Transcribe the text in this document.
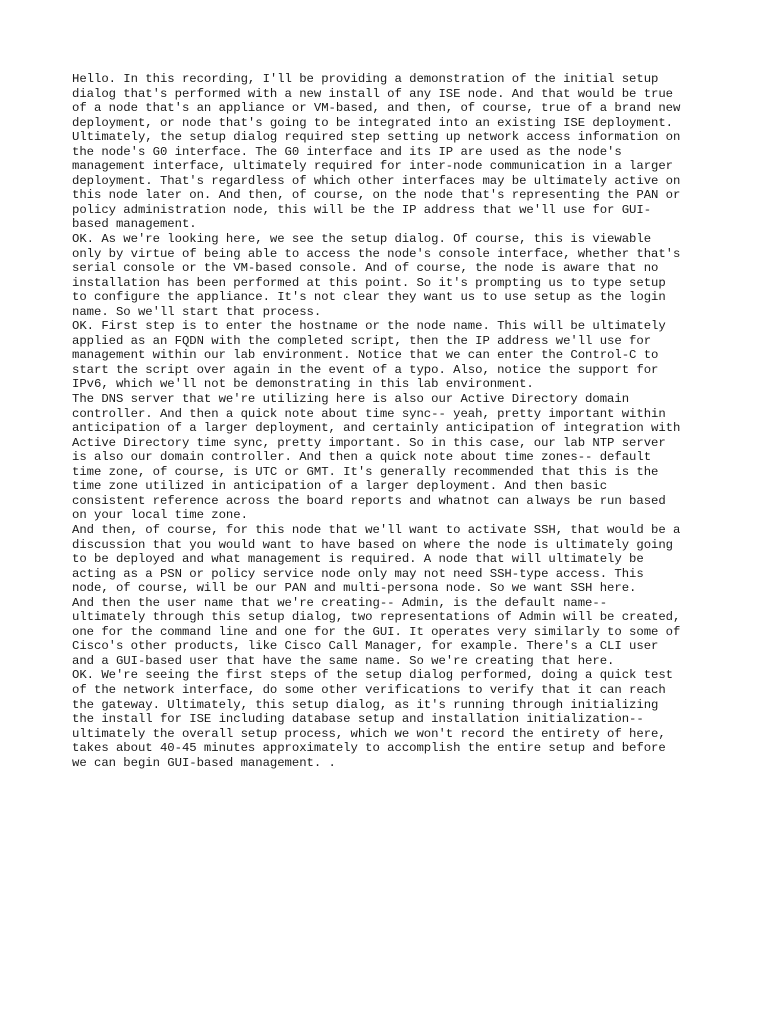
Hello. In this recording, I'll be providing a demonstration of the initial setup
dialog that's performed with a new install of any ISE node. And that would be true
of a node that's an appliance or VM-based, and then, of course, true of a brand new
deployment, or node that's going to be integrated into an existing ISE deployment.
Ultimately, the setup dialog required step setting up network access information on
the node's G0 interface. The G0 interface and its IP are used as the node's
management interface, ultimately required for inter-node communication in a larger
deployment. That's regardless of which other interfaces may be ultimately active on
this node later on. And then, of course, on the node that's representing the PAN or
policy administration node, this will be the IP address that we'll use for GUI-
based management.
OK. As we're looking here, we see the setup dialog. Of course, this is viewable
only by virtue of being able to access the node's console interface, whether that's
serial console or the VM-based console. And of course, the node is aware that no
installation has been performed at this point. So it's prompting us to type setup
to configure the appliance. It's not clear they want us to use setup as the login
name. So we'll start that process.
OK. First step is to enter the hostname or the node name. This will be ultimately
applied as an FQDN with the completed script, then the IP address we'll use for
management within our lab environment. Notice that we can enter the Control-C to
start the script over again in the event of a typo. Also, notice the support for
IPv6, which we'll not be demonstrating in this lab environment.
The DNS server that we're utilizing here is also our Active Directory domain
controller. And then a quick note about time sync-- yeah, pretty important within
anticipation of a larger deployment, and certainly anticipation of integration with
Active Directory time sync, pretty important. So in this case, our lab NTP server
is also our domain controller. And then a quick note about time zones-- default
time zone, of course, is UTC or GMT. It's generally recommended that this is the
time zone utilized in anticipation of a larger deployment. And then basic
consistent reference across the board reports and whatnot can always be run based
on your local time zone.
And then, of course, for this node that we'll want to activate SSH, that would be a
discussion that you would want to have based on where the node is ultimately going
to be deployed and what management is required. A node that will ultimately be
acting as a PSN or policy service node only may not need SSH-type access. This
node, of course, will be our PAN and multi-persona node. So we want SSH here.
And then the user name that we're creating-- Admin, is the default name--
ultimately through this setup dialog, two representations of Admin will be created,
one for the command line and one for the GUI. It operates very similarly to some of
Cisco's other products, like Cisco Call Manager, for example. There's a CLI user
and a GUI-based user that have the same name. So we're creating that here.
OK. We're seeing the first steps of the setup dialog performed, doing a quick test
of the network interface, do some other verifications to verify that it can reach
the gateway. Ultimately, this setup dialog, as it's running through initializing
the install for ISE including database setup and installation initialization--
ultimately the overall setup process, which we won't record the entirety of here,
takes about 40-45 minutes approximately to accomplish the entire setup and before
we can begin GUI-based management. .
